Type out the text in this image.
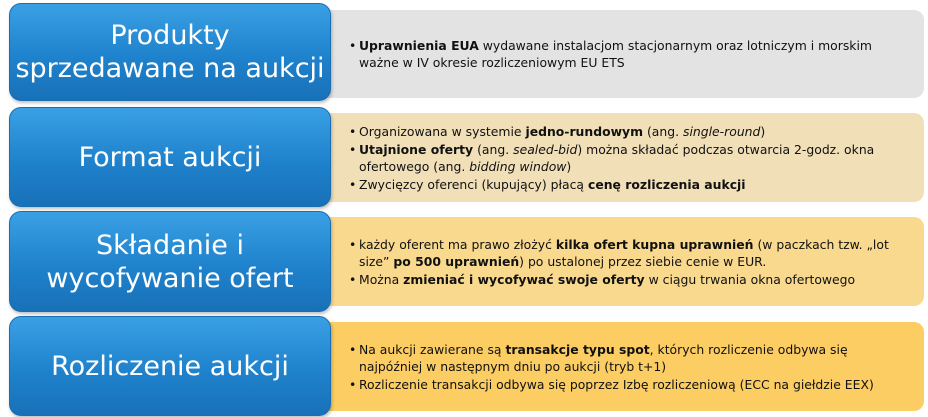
• Uprawnienia EUA wydawane instalacjom stacjonarnym oraz lotniczym i morskim ważne w IV okresie rozliczeniowym EU ETS
Produkty
sprzedawane na aukcji
• Organizowana w systemie jedno-rundowym (ang. single-round)
• Utajnione oferty (ang. sealed-bid) można składać podczas otwarcia 2-godz. okna ofertowego (ang. bidding window)
• Zwycięzcy oferenci (kupujący) płacą cenę rozliczenia aukcji
Format aukcji
• każdy oferent ma prawo złożyć kilka ofert kupna uprawnień (w paczkach tzw. „lot size” po 500 uprawnień) po ustalonej przez siebie cenie w EUR.
• Można zmieniać i wycofywać swoje oferty w ciągu trwania okna ofertowego
Składanie i
wycofywanie ofert
• Na aukcji zawierane są transakcje typu spot, których rozliczenie odbywa się najpóźniej w następnym dniu po aukcji (tryb t+1)
• Rozliczenie transakcji odbywa się poprzez Izbę rozliczeniową (ECC na giełdzie EEX)
Rozliczenie aukcji
